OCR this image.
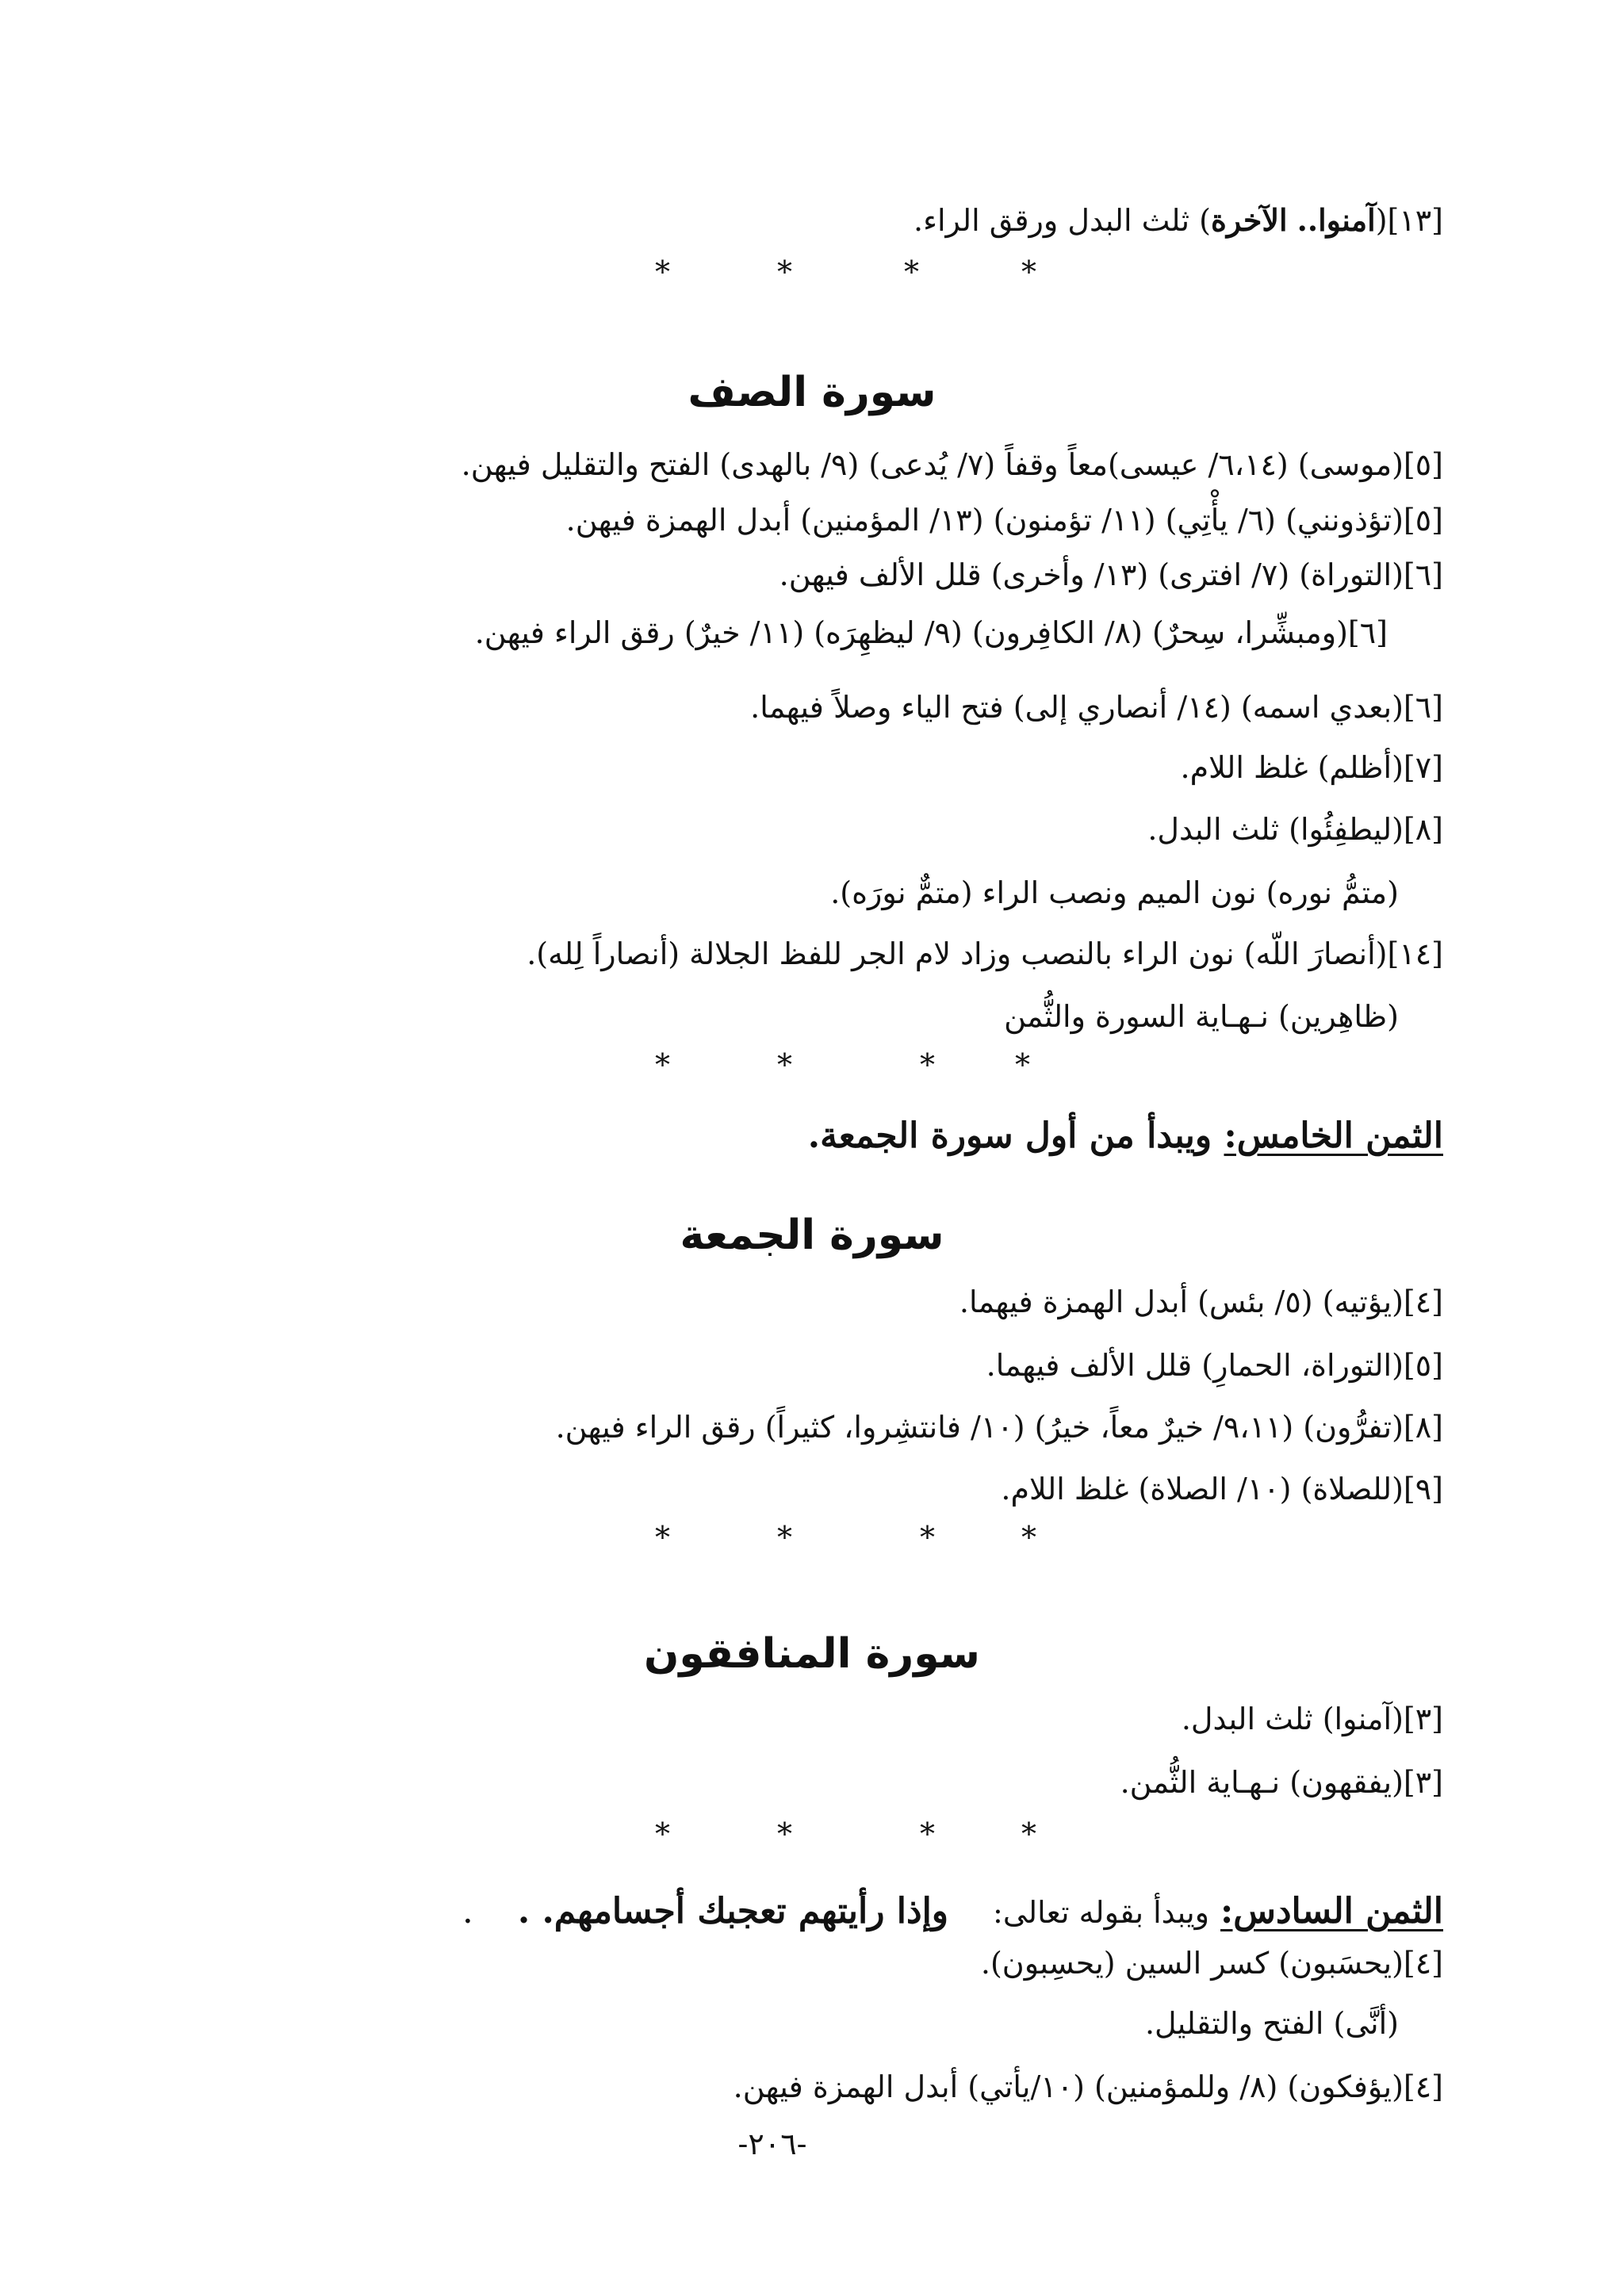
[١٣](آمنوا.. الآخرة) ثلث البدل ورقق الراء.
*	*	*	*
سورة الصف
[٥](موسى) (٦،١٤/ عيسى)معاً وقفاً (٧/ يُدعى) (٩/ بالهدى) الفتح والتقليل فيهن.
[٥](تؤذونني) (٦/ يأْتِي) (١١/ تؤمنون) (١٣/ المؤمنين) أبدل الهمزة فيهن.
[٦](التوراة) (٧/ افترى) (١٣/ وأخرى) قلل الألف فيهن.
[٦](ومبشِّرا، سِحرٌ) (٨/ الكافِرون) (٩/ ليظهِرَه) (١١/ خيرٌ) رقق الراء فيهن.
[٦](بعدي اسمه) (١٤/ أنصاري إلى) فتح الياء وصلاً فيهما.
[٧](أظلم) غلظ اللام.
[٨](ليطفِئُوا) ثلث البدل.
(متمُّ نوره) نون الميم ونصب الراء (متمٌّ نورَه).
[١٤](أنصارَ اللّه) نون الراء بالنصب وزاد لام الجر للفظ الجلالة (أنصاراً لِله).
(ظاهِرين) نـهـاية السورة والثُّمن
*	*	*	*
الثمن الخامس: ويبدأ من أول سورة الجمعة.
سورة الجمعة
[٤](يؤتيه) (٥/ بئس) أبدل الهمزة فيهما.
[٥](التوراة، الحمارِ) قلل الألف فيهما.
[٨](تفرُّون) (٩،١١/ خيرٌ معاً، خيرُ) (١٠/ فانتشِروا، كثيراً) رقق الراء فيهن.
[٩](للصلاة) (١٠/ الصلاة) غلظ اللام.
*	*	*	*
سورة المنافقون
[٣](آمنوا) ثلث البدل.
[٣](يفقهون) نـهـاية الثُّمن.
*	*	*	*
الثمن السادس: ويبدأ بقوله تعالى:    وإذا رأيتهم تعجبك أجسامهم. .    .
[٤](يحسَبون) كسر السين (يحسِبون).
(أنَّى) الفتح والتقليل.
[٤](يؤفكون) (٨/ وللمؤمنين) (١٠/يأتي) أبدل الهمزة فيهن.
-٢٠٦-
